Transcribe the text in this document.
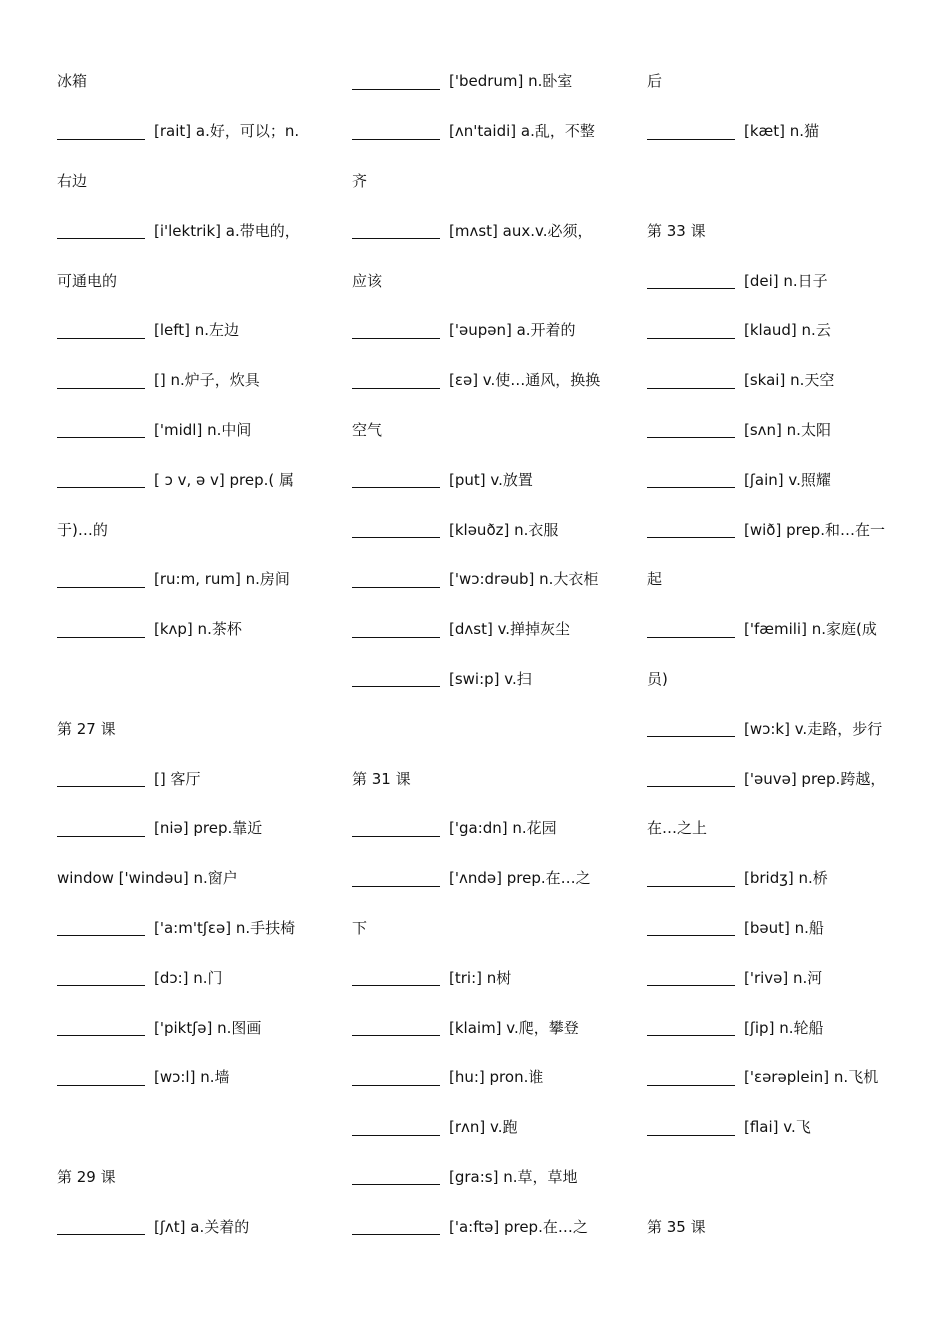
冰箱
[rait] a.好，可以；n.
右边
[i'lektrik] a.带电的，
可通电的
[left] n.左边
[] n.炉子，炊具
['midl] n.中间
[ ɔ v, ə v] prep.( 属
于)…的
[ru:m, rum] n.房间
[kʌp] n.茶杯
第 27 课
[] 客厅
[niə] prep.靠近
window ['windəu] n.窗户
['a:m'tʃɛə] n.手扶椅
[dɔ:] n.门
['piktʃə] n.图画
[wɔ:l] n.墙
第 29 课
[ʃʌt] a.关着的
['bedrum] n.卧室
[ʌn'taidi] a.乱，不整
齐
[mʌst] aux.v.必须，
应该
['əupən] a.开着的
[ɛə] v.使…通风，换换
空气
[put] v.放置
[kləuðz] n.衣服
['wɔ:drəub] n.大衣柜
[dʌst] v.掸掉灰尘
[swi:p] v.扫
第 31 课
['ga:dn] n.花园
['ʌndə] prep.在…之
下
[tri:] n树
[klaim] v.爬，攀登
[hu:] pron.谁
[rʌn] v.跑
[gra:s] n.草，草地
['a:ftə] prep.在…之
后
[kæt] n.猫
第 33 课
[dei] n.日子
[klaud] n.云
[skai] n.天空
[sʌn] n.太阳
[ʃain] v.照耀
[wið] prep.和…在一
起
['fæmili] n.家庭(成
员)
[wɔ:k] v.走路，步行
['əuvə] prep.跨越，
在…之上
[bridʒ] n.桥
[bəut] n.船
['rivə] n.河
[ʃip] n.轮船
['ɛərəplein] n.飞机
[flai] v.飞
第 35 课
